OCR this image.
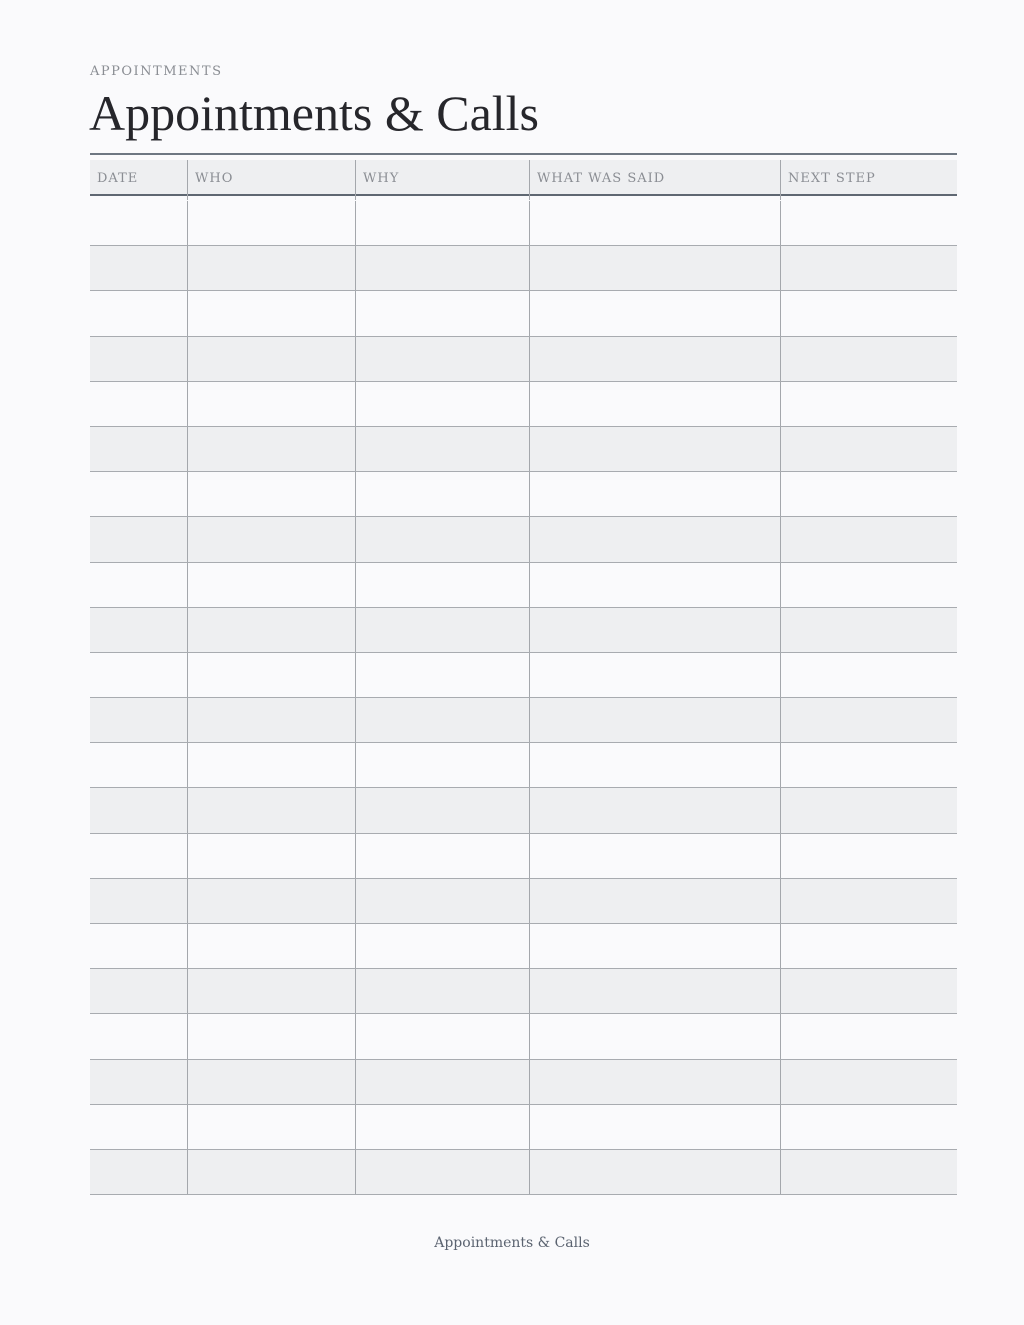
APPOINTMENTS
Appointments & Calls
DATE	WHO	WHY	WHAT WAS SAID	NEXT STEP
Appointments & Calls
